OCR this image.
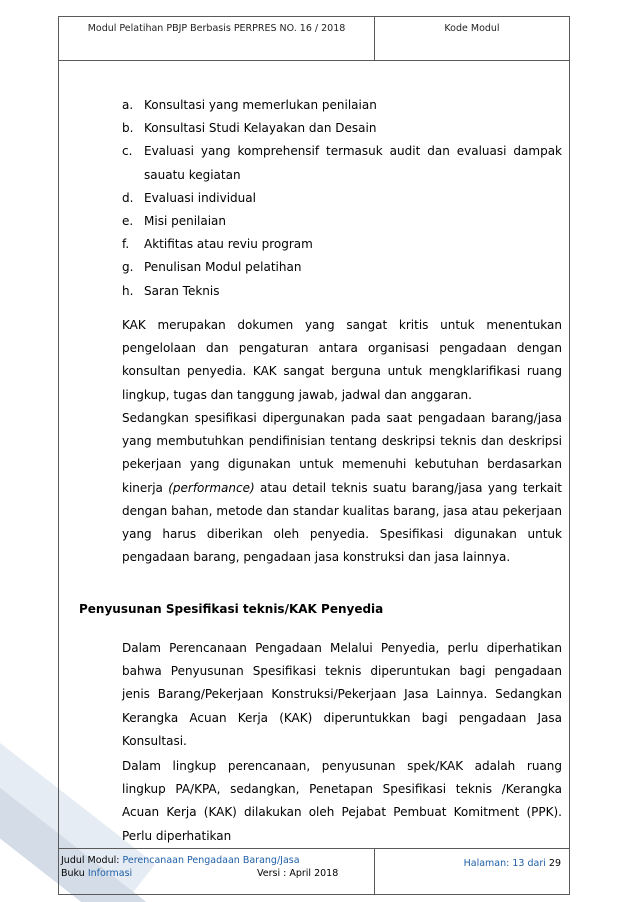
Modul Pelatihan PBJP Berbasis PERPRES NO. 16 / 2018	Kode Modul
a. Konsultasi yang memerlukan penilaian
b. Konsultasi Studi Kelayakan dan Desain
c. Evaluasi yang komprehensif termasuk audit dan evaluasi dampak sauatu kegiatan
d. Evaluasi individual
e. Misi penilaian
f.	Aktifitas atau reviu program
g. Penulisan Modul pelatihan
h. Saran Teknis
KAK merupakan dokumen yang sangat kritis untuk menentukan pengelolaan dan pengaturan antara organisasi pengadaan dengan konsultan penyedia. KAK sangat berguna untuk mengklarifikasi ruang lingkup, tugas dan tanggung jawab, jadwal dan anggaran.
Sedangkan spesifikasi dipergunakan pada saat pengadaan barang/jasa yang membutuhkan pendifinisian tentang deskripsi teknis dan deskripsi pekerjaan yang digunakan untuk memenuhi kebutuhan berdasarkan kinerja (performance) atau detail teknis suatu barang/jasa yang terkait dengan bahan, metode dan standar kualitas barang, jasa atau pekerjaan yang harus diberikan oleh penyedia. Spesifikasi digunakan untuk pengadaan barang, pengadaan jasa konstruksi dan jasa lainnya.
Penyusunan Spesifikasi teknis/KAK Penyedia
Dalam Perencanaan Pengadaan Melalui Penyedia, perlu diperhatikan bahwa Penyusunan Spesifikasi teknis diperuntukan bagi pengadaan jenis Barang/Pekerjaan Konstruksi/Pekerjaan Jasa Lainnya. Sedangkan Kerangka Acuan Kerja (KAK) diperuntukkan bagi pengadaan Jasa Konsultasi.
Dalam lingkup perencanaan, penyusunan spek/KAK adalah ruang lingkup PA/KPA, sedangkan, Penetapan Spesifikasi teknis /Kerangka Acuan Kerja (KAK) dilakukan oleh Pejabat Pembuat Komitment (PPK). Perlu diperhatikan
Judul Modul: Perencanaan Pengadaan Barang/Jasa
Buku Informasi	Versi : April 2018
Halaman: 13 dari 29
